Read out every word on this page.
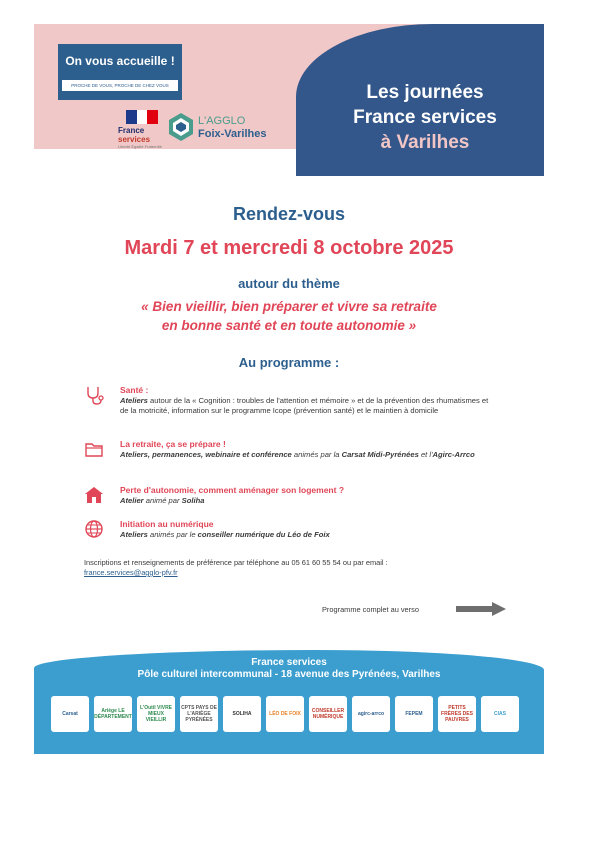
Les journées
France services
à Varilhes
On vous accueille !
PROCHE DE VOUS, PROCHE DE CHEZ VOUS
France
services
Liberté Égalité Fraternité
L'AGGLO
Foix-Varilhes
Rendez-vous
Mardi 7 et mercredi 8 octobre 2025
autour du thème
« Bien vieillir, bien préparer et vivre sa retraite
en bonne santé et en toute autonomie »
Au programme :
Santé :
Ateliers autour de la « Cognition : troubles de l'attention et mémoire » et de la prévention des rhumatismes et de la motricité, information sur le programme Icope (prévention santé) et le maintien à domicile
La retraite, ça se prépare !
Ateliers, permanences, webinaire et conférence animés par la Carsat Midi-Pyrénées et l'Agirc-Arrco
Perte d'autonomie, comment aménager son logement ?
Atelier animé par Soliha
Initiation au numérique
Ateliers animés par le conseiller numérique du Léo de Foix
Inscriptions et renseignements de préférence par téléphone au 05 61 60 55 54 ou par email :
france.services@agglo-pfv.fr
Programme complet au verso
France services
Pôle culturel intercommunal - 18 avenue des Pyrénées, Varilhes
Carsat	Ariège LE DÉPARTEMENT
L'Outil VIVRE MIEUX VIEILLIR
CPTS PAYS DE L'ARIÈGE PYRÉNÉES
SOLIHA	LÉO DE FOIX	CONSEILLER NUMÉRIQUE	agirc-arrco	FEPEM
PETITS FRÈRES DES PAUVRES
CIAS
